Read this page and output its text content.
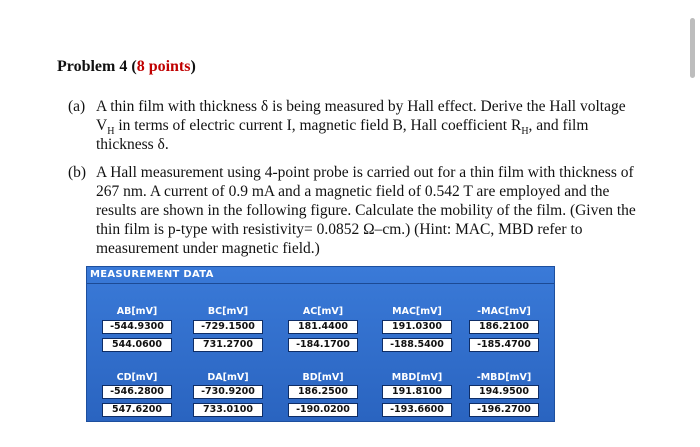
Problem 4 (8 points)
(a) A thin film with thickness δ is being measured by Hall effect. Derive the Hall voltage
$V_H$ in terms of electric current I, magnetic field B, Hall coefficient $R_H$, and film
thickness δ.
(b) A Hall measurement using 4-point probe is carried out for a thin film with thickness of
267 nm. A current of 0.9 mA and a magnetic field of 0.542 T are employed and the
results are shown in the following figure. Calculate the mobility of the film. (Given the
thin film is p-type with resistivity= 0.0852 Ω–cm.) (Hint: MAC, MBD refer to
measurement under magnetic field.)
MEASUREMENT DATA
AB[mV]
-544.9300
544.0600
BC[mV]
-729.1500
731.2700
AC[mV]
181.4400
-184.1700
MAC[mV]
191.0300
-188.5400
-MAC[mV]
186.2100
-185.4700
CD[mV]
-546.2800
547.6200
DA[mV]
-730.9200
733.0100
BD[mV]
186.2500
-190.0200
MBD[mV]
191.8100
-193.6600
-MBD[mV]
194.9500
-196.2700
